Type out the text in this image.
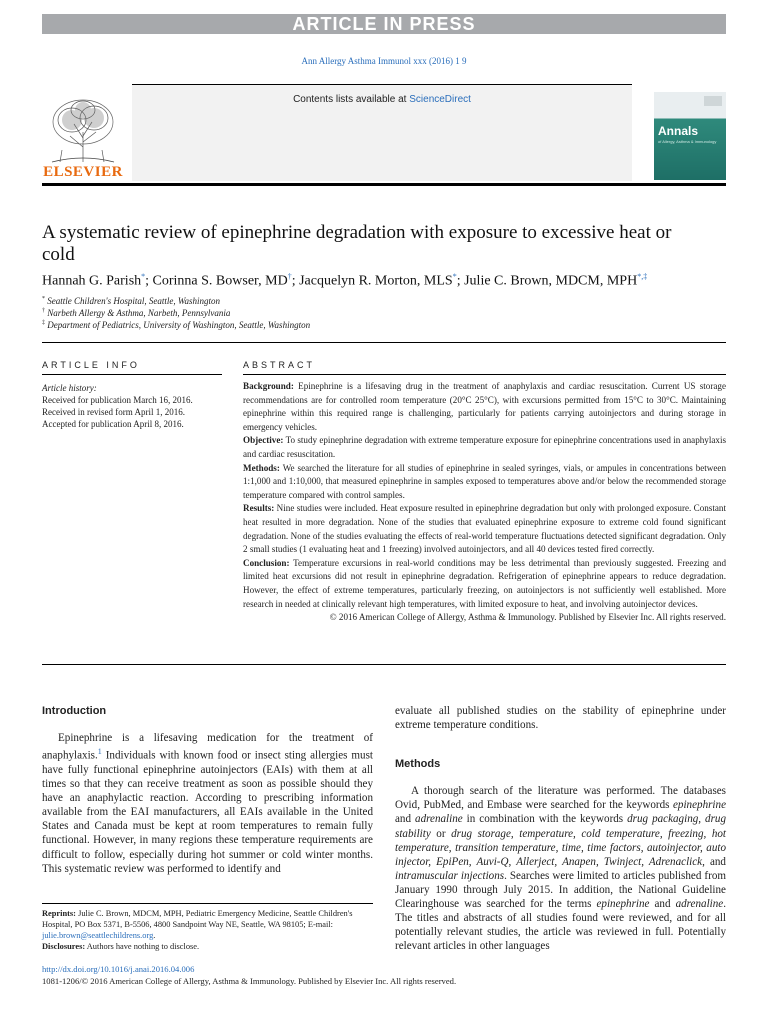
ARTICLE IN PRESS
Ann Allergy Asthma Immunol xxx (2016) 1 9
ELSEVIER
Contents lists available at ScienceDirect
Annals
of Allergy, Asthma & Immunology
A systematic review of epinephrine degradation with exposure to excessive heat or cold
Hannah G. Parish*; Corinna S. Bowser, MD†; Jacquelyn R. Morton, MLS*; Julie C. Brown, MDCM, MPH*,‡
* Seattle Children's Hospital, Seattle, Washington
† Narbeth Allergy & Asthma, Narbeth, Pennsylvania
‡ Department of Pediatrics, University of Washington, Seattle, Washington
ARTICLE INFO
Article history:
Received for publication March 16, 2016.
Received in revised form April 1, 2016.
Accepted for publication April 8, 2016.
ABSTRACT

Background: Epinephrine is a lifesaving drug in the treatment of anaphylaxis and cardiac resuscitation. Current US storage recommendations are for controlled room temperature (20°C 25°C), with excursions permitted from 15°C to 30°C. Maintaining epinephrine within this required range is challenging, particularly for patients carrying autoinjectors and during storage in emergency vehicles.

Objective: To study epinephrine degradation with extreme temperature exposure for epinephrine concentrations used in anaphylaxis and cardiac resuscitation.

Methods: We searched the literature for all studies of epinephrine in sealed syringes, vials, or ampules in concentrations between 1:1,000 and 1:10,000, that measured epinephrine in samples exposed to temperatures above and/or below the recommended storage temperature compared with control samples.

Results: Nine studies were included. Heat exposure resulted in epinephrine degradation but only with prolonged exposure. Constant heat resulted in more degradation. None of the studies that evaluated epinephrine exposure to extreme cold found significant degradation. None of the studies evaluating the effects of real-world temperature fluctuations detected significant degradation. Only 2 small studies (1 evaluating heat and 1 freezing) involved autoinjectors, and all 40 devices tested fired correctly.

Conclusion: Temperature excursions in real-world conditions may be less detrimental than previously suggested. Freezing and limited heat excursions did not result in epinephrine degradation. Refrigeration of epinephrine appears to reduce degradation. However, the effect of extreme temperatures, particularly freezing, on autoinjectors is not sufficiently well established. More research in needed at clinically relevant high temperatures, with limited exposure to heat, and involving autoinjector devices.

© 2016 American College of Allergy, Asthma & Immunology. Published by Elsevier Inc. All rights reserved.

Introduction

Epinephrine is a lifesaving medication for the treatment of anaphylaxis.$^1$ Individuals with known food or insect sting allergies must have fully functional epinephrine autoinjectors (EAIs) with them at all times so that they can receive treatment as soon as possible should they have an anaphylactic reaction. According to prescribing information available from the EAI manufacturers, all EAIs available in the United States and Canada must be kept at room temperatures to remain fully functional. However, in many regions these temperature requirements are difficult to follow, especially during hot summer or cold winter months. This systematic review was performed to identify and

Reprints: Julie C. Brown, MDCM, MPH, Pediatric Emergency Medicine, Seattle Children's Hospital, PO Box 5371, B-5506, 4800 Sandpoint Way NE, Seattle, WA 98105; E-mail: julie.brown@seattlechildrens.org.

Disclosures: Authors have nothing to disclose.

http://dx.doi.org/10.1016/j.anai.2016.04.006
1081-1206/© 2016 American College of Allergy, Asthma & Immunology. Published by Elsevier Inc. All rights reserved.

evaluate all published studies on the stability of epinephrine under extreme temperature conditions.

Methods

A thorough search of the literature was performed. The databases Ovid, PubMed, and Embase were searched for the keywords epinephrine and adrenaline in combination with the keywords drug packaging, drug stability or drug storage, temperature, cold temperature, freezing, hot temperature, transition temperature, time, time factors, autoinjector, auto injector, EpiPen, Auvi-Q, Allerject, Anapen, Twinject, Adrenaclick, and intramuscular injections. Searches were limited to articles published from January 1990 through July 2015. In addition, the National Guideline Clearinghouse was searched for the terms epinephrine and adrenaline. The titles and abstracts of all studies found were reviewed, and for all potentially relevant studies, the article was reviewed in full. Potentially relevant articles in other languages
